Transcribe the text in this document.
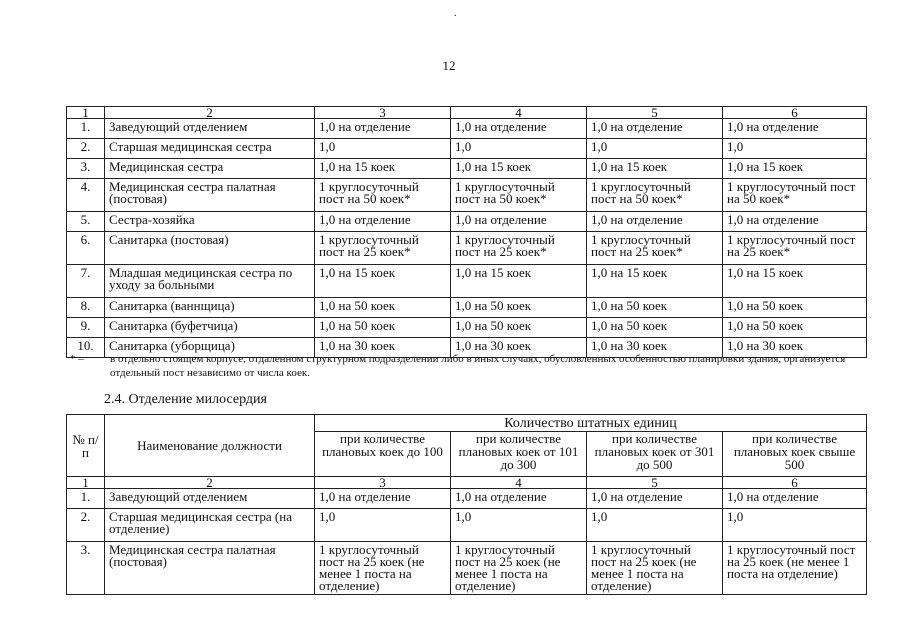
.
12
1	2	3	4	5	6
1.	Заведующий отделением	1,0 на отделение	1,0 на отделение	1,0 на отделение	1,0 на отделение
2.	Старшая медицинская сестра	1,0	1,0	1,0	1,0
3.	Медицинская сестра	1,0 на 15 коек	1,0 на 15 коек	1,0 на 15 коек	1,0 на 15 коек
4.	Медицинская сестра палатная (постовая)	1 круглосуточный пост на 50 коек*	1 круглосуточный пост на 50 коек*	1 круглосуточный пост на 50 коек*	1 круглосуточный пост на 50 коек*
5.	Сестра-хозяйка	1,0 на отделение	1,0 на отделение	1,0 на отделение	1,0 на отделение
6.	Санитарка (постовая)	1 круглосуточный пост на 25 коек*	1 круглосуточный пост на 25 коек*	1 круглосуточный пост на 25 коек*	1 круглосуточный пост на 25 коек*
7.	Младшая медицинская сестра по уходу за больными	1,0 на 15 коек	1,0 на 15 коек	1,0 на 15 коек	1,0 на 15 коек
8.	Санитарка (ваннщица)	1,0 на 50 коек	1,0 на 50 коек	1,0 на 50 коек	1,0 на 50 коек
9.	Санитарка (буфетчица)	1,0 на 50 коек	1,0 на 50 коек	1,0 на 50 коек	1,0 на 50 коек
10.	Санитарка (уборщица)	1,0 на 30 коек	1,0 на 30 коек	1,0 на 30 коек	1,0 на 30 коек
* –	в отдельно стоящем корпусе, отдаленном структурном подразделении либо в иных случаях, обусловленных особенностью планировки здания, организуется отдельный пост независимо от числа коек.
2.4. Отделение милосердия
№ п/п	Наименование должности	Количество штатных единиц			
		при количестве плановых коек до 100	при количестве плановых коек от 101 до 300	при количестве плановых коек от 301 до 500	при количестве плановых коек свыше 500
1	2	3	4	5	6
1.	Заведующий отделением	1,0 на отделение	1,0 на отделение	1,0 на отделение	1,0 на отделение
2.	Старшая медицинская сестра (на отделение)	1,0	1,0	1,0	1,0
3.	Медицинская сестра палатная (постовая)	1 круглосуточный пост на 25 коек (не менее 1 поста на отделение)	1 круглосуточный пост на 25 коек (не менее 1 поста на отделение)	1 круглосуточный пост на 25 коек (не менее 1 поста на отделение)	1 круглосуточный пост на 25 коек (не менее 1 поста на отделение)
